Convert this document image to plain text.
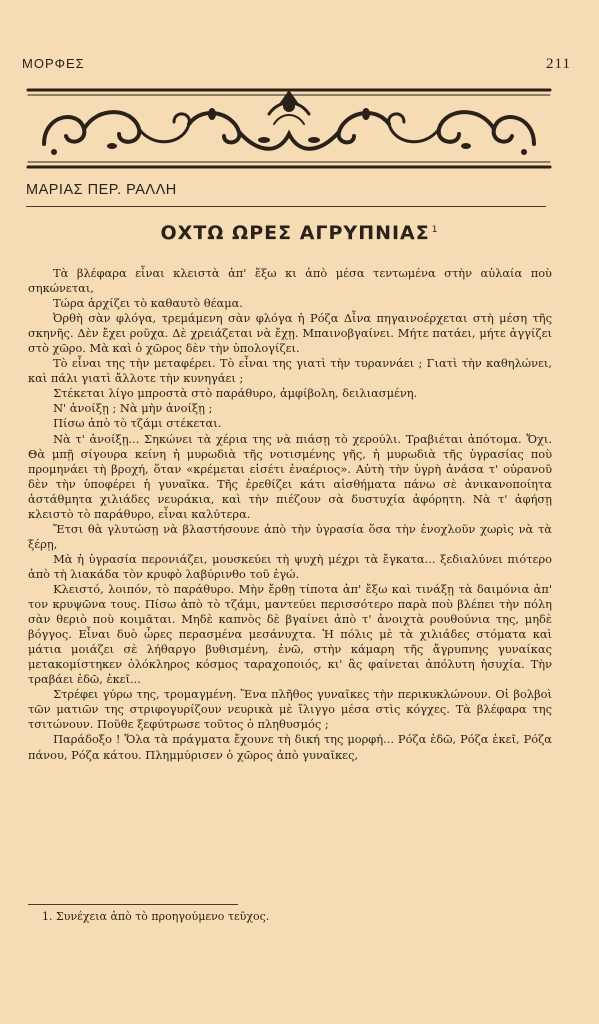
ΜΟΡΦΕΣ	211
ΜΑΡΙΑΣ ΠΕΡ. ΡΑΛΛΗ
ΟΧΤΩ ΩΡΕΣ ΑΓΡΥΠΝΙΑΣ $^1$

Τὰ βλέφαρα εἶναι κλειστὰ ἀπ' ἔξω κι ἀπὸ μέσα τεντωμένα στὴν αὐλαία ποὺ σηκώνεται,

Τώρα ἀρχίζει τὸ καθαυτὸ θέαμα.

Ὀρθὴ σὰν φλόγα, τρεμάμενη σὰν φλόγα ἡ Ρόζα Δἶνα πηγαινοέρχεται στὴ μέση τῆς σκηνῆς. Δὲν ἔχει ροῦχα. Δὲ χρειάζεται νὰ ἔχῃ. Μπαινοβγαίνει. Μήτε πατάει, μήτε ἀγγίζει στὸ χῶρο. Μὰ καὶ ὁ χῶρος δὲν τὴν ὑπολογίζει.

Τὸ εἶναι της τὴν μεταφέρει. Τὸ εἶναι της γιατὶ τὴν τυραννάει ; Γιατὶ τὴν καθηλώνει, καὶ πάλι γιατὶ ἄλλοτε τὴν κυνηγάει ;

Στέκεται λίγο μπροστὰ στὸ παράθυρο, ἀμφίβολη, δειλιασμένη.

Ν' ἀνοίξῃ ; Νὰ μὴν ἀνοίξῃ ;

Πίσω ἀπὸ τὸ τζάμι στέκεται.

Νὰ τ' ἀνοίξῃ... Σηκώνει τὰ χέρια της νὰ πιάσῃ τὸ χερούλι. Τραβιέται ἀπότομα. Ὄχι. Θὰ μπῇ σίγουρα κείνη ἡ μυρωδιὰ τῆς νοτισμένης γῆς, ἡ μυρωδιὰ τῆς ὑγρασίας ποὺ προμηνάει τὴ βροχή, ὅταν «κρέμεται εἰσέτι ἐναέριος». Αὐτὴ τὴν ὑγρὴ ἀνάσα τ' οὐρανοῦ δὲν τὴν ὑποφέρει ἡ γυναῖκα. Τῆς ἐρεθίζει κάτι αἰσθήματα πάνω σὲ ἀνικανοποίητα ἀστάθμητα χιλιάδες νευράκια, καὶ τὴν πιέζουν σὰ δυστυχία ἀφόρητη. Νὰ τ' ἀφήσῃ κλειστὸ τὸ παράθυρο, εἶναι καλύτερα.

Ἔτσι θὰ γλυτώσῃ νὰ βλαστήσουνε ἀπὸ τὴν ὑγρασία ὅσα τὴν ἐνοχλοῦν χωρὶς νὰ τὰ ξέρῃ,

Μὰ ἡ ὑγρασία περονιάζει, μουσκεύει τὴ ψυχὴ μέχρι τὰ ἔγκατα... ξεδιαλύνει πιότερο ἀπὸ τὴ λιακάδα τὸν κρυφὸ λαβύρινθο τοῦ ἐγώ.

Κλειστό, λοιπόν, τὸ παράθυρο. Μὴν ἔρθῃ τίποτα ἀπ' ἔξω καὶ τινάξῃ τὰ δαιμόνια ἀπ' τον κρυψῶνα τους. Πίσω ἀπὸ τὸ τζάμι, μαντεύει περισσότερο παρὰ ποὺ βλέπει τὴν πόλη σὰν θεριὸ ποὺ κοιμᾶται. Μηδὲ καπνὸς δὲ βγαίνει ἀπὸ τ' ἀνοιχτὰ ρουθούνια της, μηδὲ βόγγος. Εἶναι δυὸ ὧρες περασμένα μεσάνυχτα. Ἡ πόλις μὲ τὰ χιλιάδες στόματα καὶ μάτια μοιάζει σὲ λήθαργο βυθισμένη, ἐνῶ, στὴν κάμαρη τῆς ἄγρυπνης γυναίκας μετακομίστηκεν ὁλόκληρος κόσμος ταραχοποιός, κι' ἂς φαίνεται ἀπόλυτη ἡσυχία. Τὴν τραβάει ἐδῶ, ἐκεῖ...

Στρέφει γύρω της, τρομαγμένη. Ἕνα πλῆθος γυναῖκες τὴν περικυκλώνουν. Οἱ βολβοὶ τῶν ματιῶν της στριφογυρίζουν νευρικὰ μὲ ἴλιγγο μέσα στὶς κόγχες. Τὰ βλέφαρα της τσιτώνουν. Ποῦθε ξεφύτρωσε τοῦτος ὁ πληθυσμός ;

Παράδοξο ! Ὅλα τὰ πράγματα ἔχουνε τὴ δική της μορφή... Ρόζα ἐδῶ, Ρόζα ἐκεῖ, Ρόζα πάνου, Ρόζα κάτου. Πλημμύρισεν ὁ χῶρος ἀπὸ γυναῖκες,

1. Συνέχεια ἀπὸ τὸ προηγούμενο τεῦχος.
